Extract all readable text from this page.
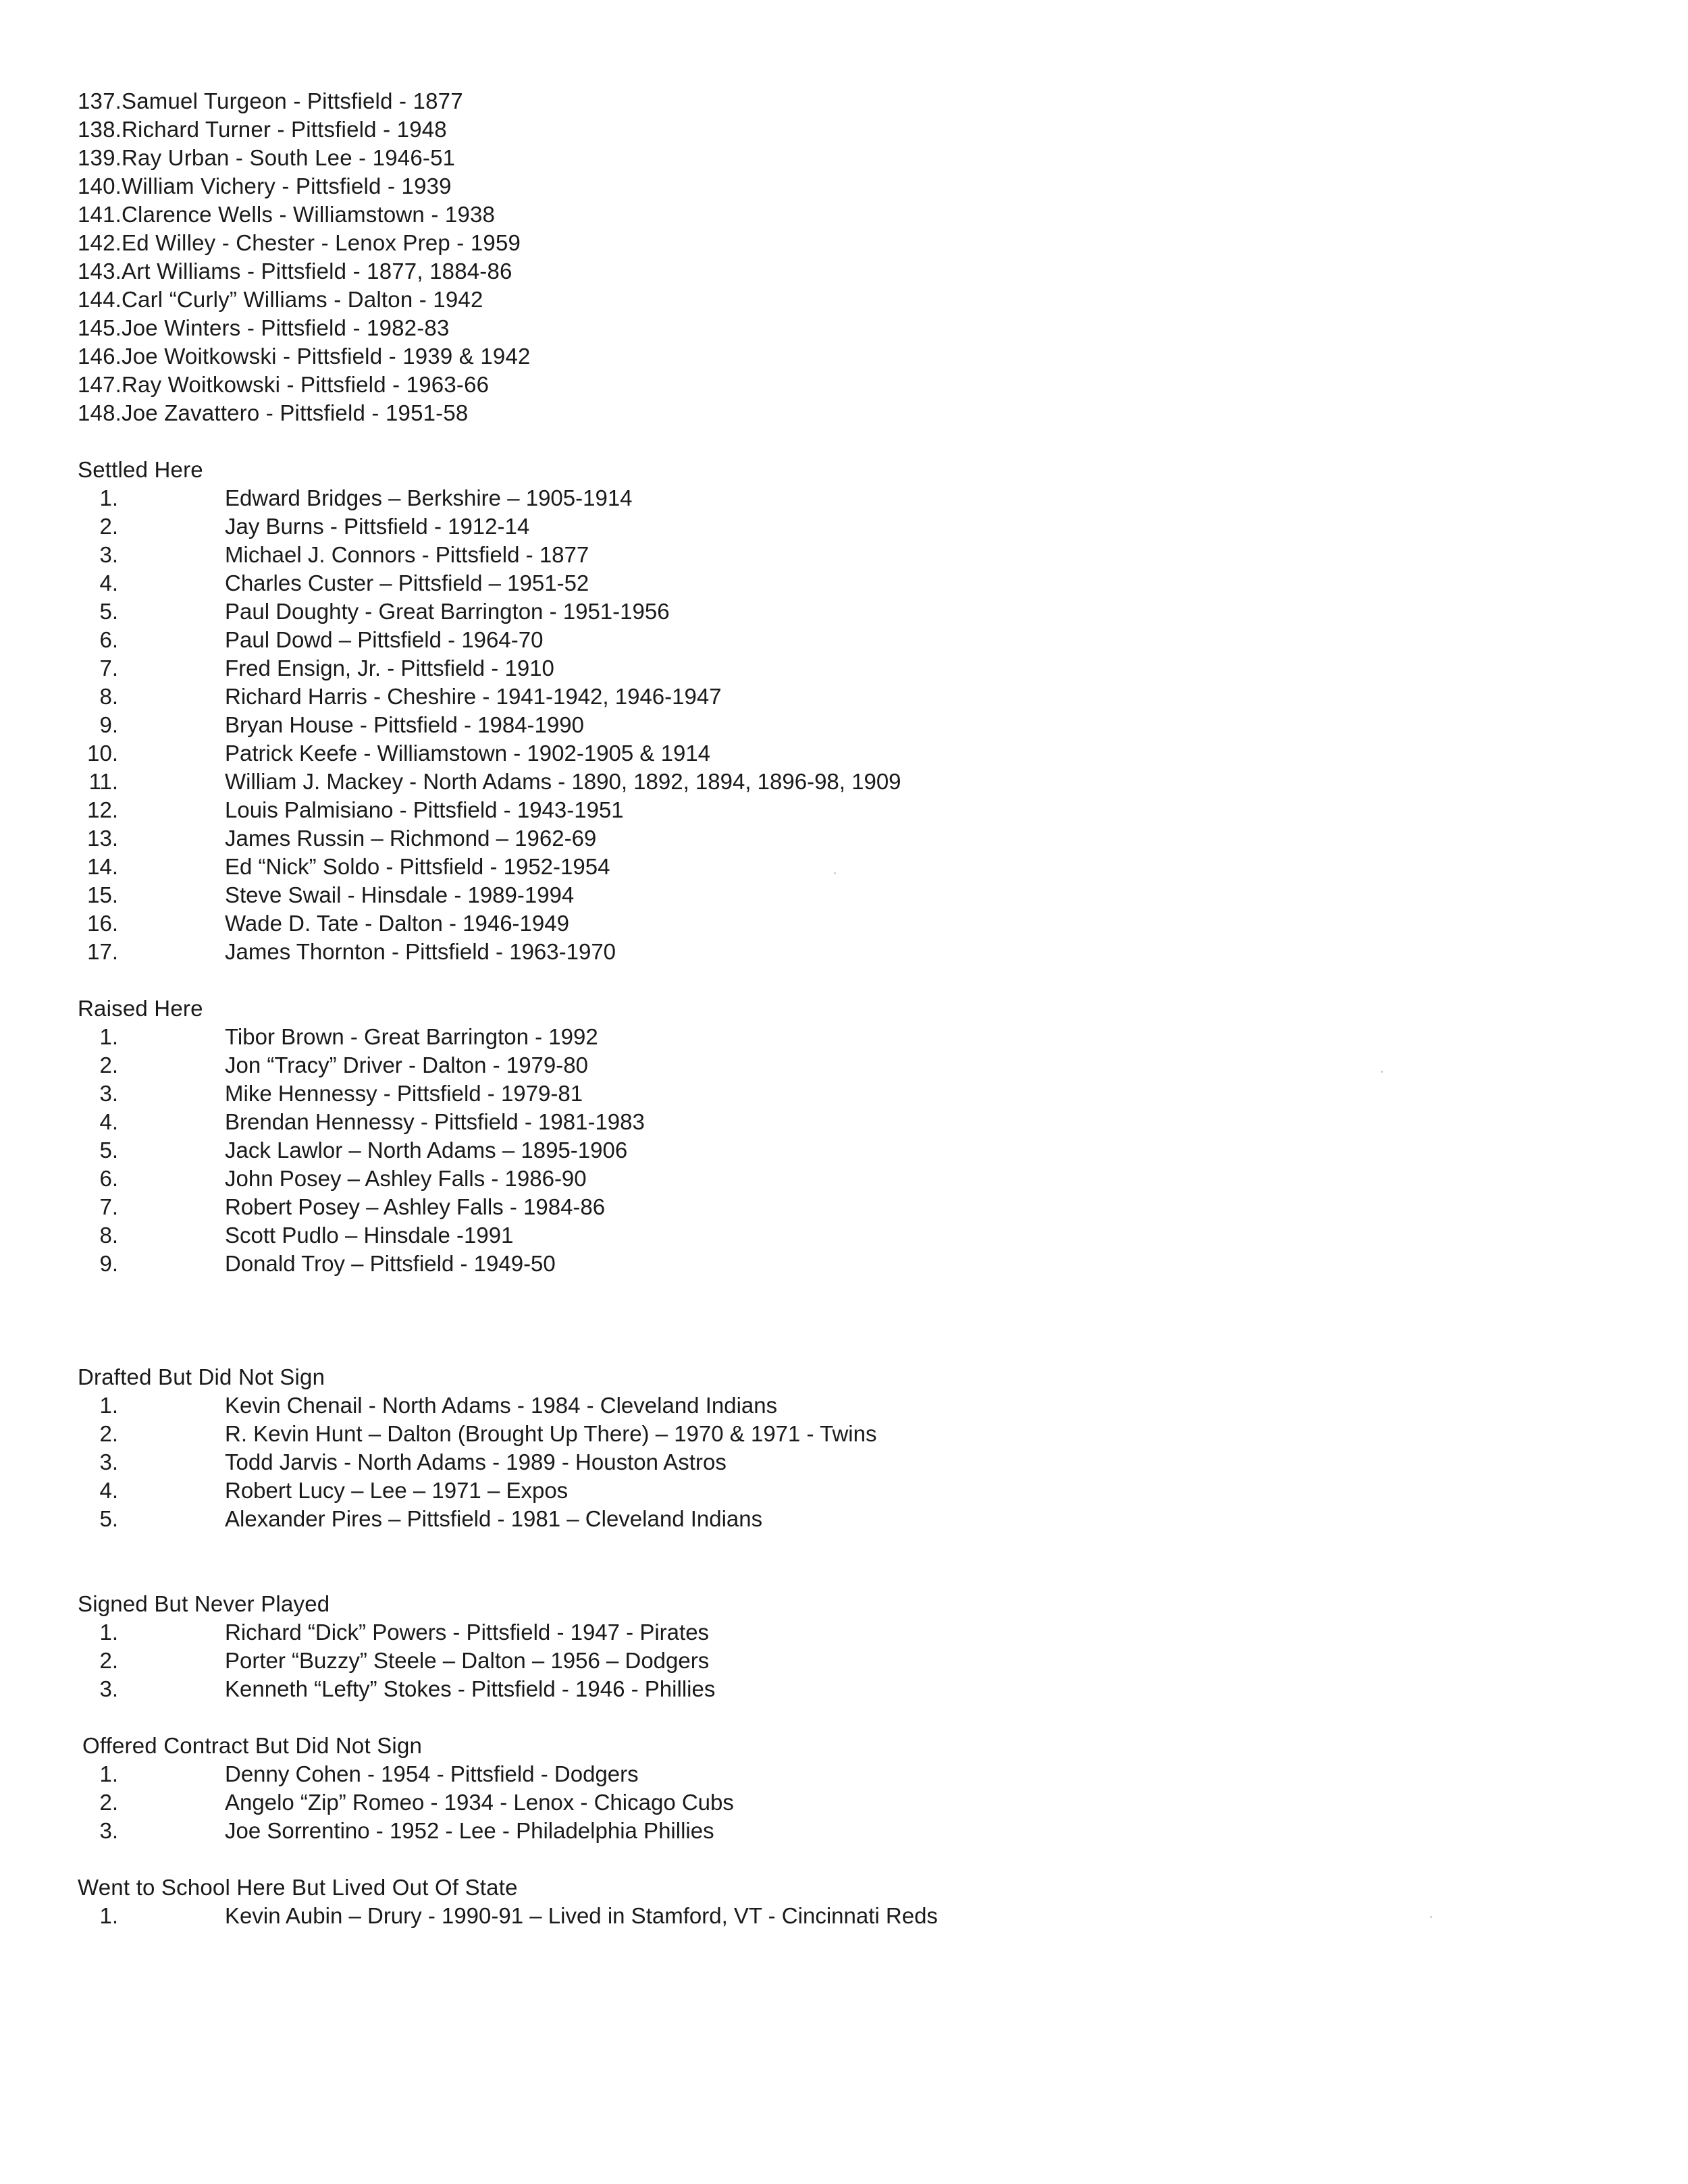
137.Samuel Turgeon - Pittsfield - 1877
138.Richard Turner - Pittsfield - 1948
139.Ray Urban - South Lee - 1946-51
140.William Vichery - Pittsfield - 1939
141.Clarence Wells - Williamstown - 1938
142.Ed Willey - Chester - Lenox Prep - 1959
143.Art Williams - Pittsfield - 1877, 1884-86
144.Carl “Curly” Williams - Dalton - 1942
145.Joe Winters - Pittsfield - 1982-83
146.Joe Woitkowski - Pittsfield - 1939 & 1942
147.Ray Woitkowski - Pittsfield - 1963-66
148.Joe Zavattero - Pittsfield - 1951-58
Settled Here
1.	Edward Bridges – Berkshire – 1905-1914
2.	Jay Burns - Pittsfield - 1912-14
3.	Michael J. Connors - Pittsfield - 1877
4.	Charles Custer – Pittsfield – 1951-52
5.	Paul Doughty - Great Barrington - 1951-1956
6.	Paul Dowd – Pittsfield - 1964-70
7.	Fred Ensign, Jr. - Pittsfield - 1910
8.	Richard Harris - Cheshire - 1941-1942, 1946-1947
9.	Bryan House - Pittsfield - 1984-1990
10.	Patrick Keefe - Williamstown - 1902-1905 & 1914
11.	William J. Mackey - North Adams - 1890, 1892, 1894, 1896-98, 1909
12.	Louis Palmisiano - Pittsfield - 1943-1951
13.	James Russin – Richmond – 1962-69
14.	Ed “Nick” Soldo - Pittsfield - 1952-1954
15.	Steve Swail - Hinsdale - 1989-1994
16.	Wade D. Tate - Dalton - 1946-1949
17.	James Thornton - Pittsfield - 1963-1970
Raised Here
1.	Tibor Brown - Great Barrington - 1992
2.	Jon “Tracy” Driver - Dalton - 1979-80
3.	Mike Hennessy - Pittsfield - 1979-81
4.	Brendan Hennessy - Pittsfield - 1981-1983
5.	Jack Lawlor – North Adams – 1895-1906
6.	John Posey – Ashley Falls - 1986-90
7.	Robert Posey – Ashley Falls - 1984-86
8.	Scott Pudlo – Hinsdale -1991
9.	Donald Troy – Pittsfield - 1949-50
Drafted But Did Not Sign
1.	Kevin Chenail - North Adams - 1984 - Cleveland Indians
2.	R. Kevin Hunt – Dalton (Brought Up There) – 1970 & 1971 - Twins
3.	Todd Jarvis - North Adams - 1989 - Houston Astros
4.	Robert Lucy – Lee – 1971 – Expos
5.	Alexander Pires – Pittsfield - 1981 – Cleveland Indians
Signed But Never Played
1.	Richard “Dick” Powers - Pittsfield - 1947 - Pirates
2.	Porter “Buzzy” Steele – Dalton – 1956 – Dodgers
3.	Kenneth “Lefty” Stokes - Pittsfield - 1946 - Phillies
Offered Contract But Did Not Sign
1.	Denny Cohen - 1954 - Pittsfield - Dodgers
2.	Angelo “Zip” Romeo - 1934 - Lenox - Chicago Cubs
3.	Joe Sorrentino - 1952 - Lee - Philadelphia Phillies
Went to School Here But Lived Out Of State
1.	Kevin Aubin – Drury - 1990-91 – Lived in Stamford, VT - Cincinnati Reds
